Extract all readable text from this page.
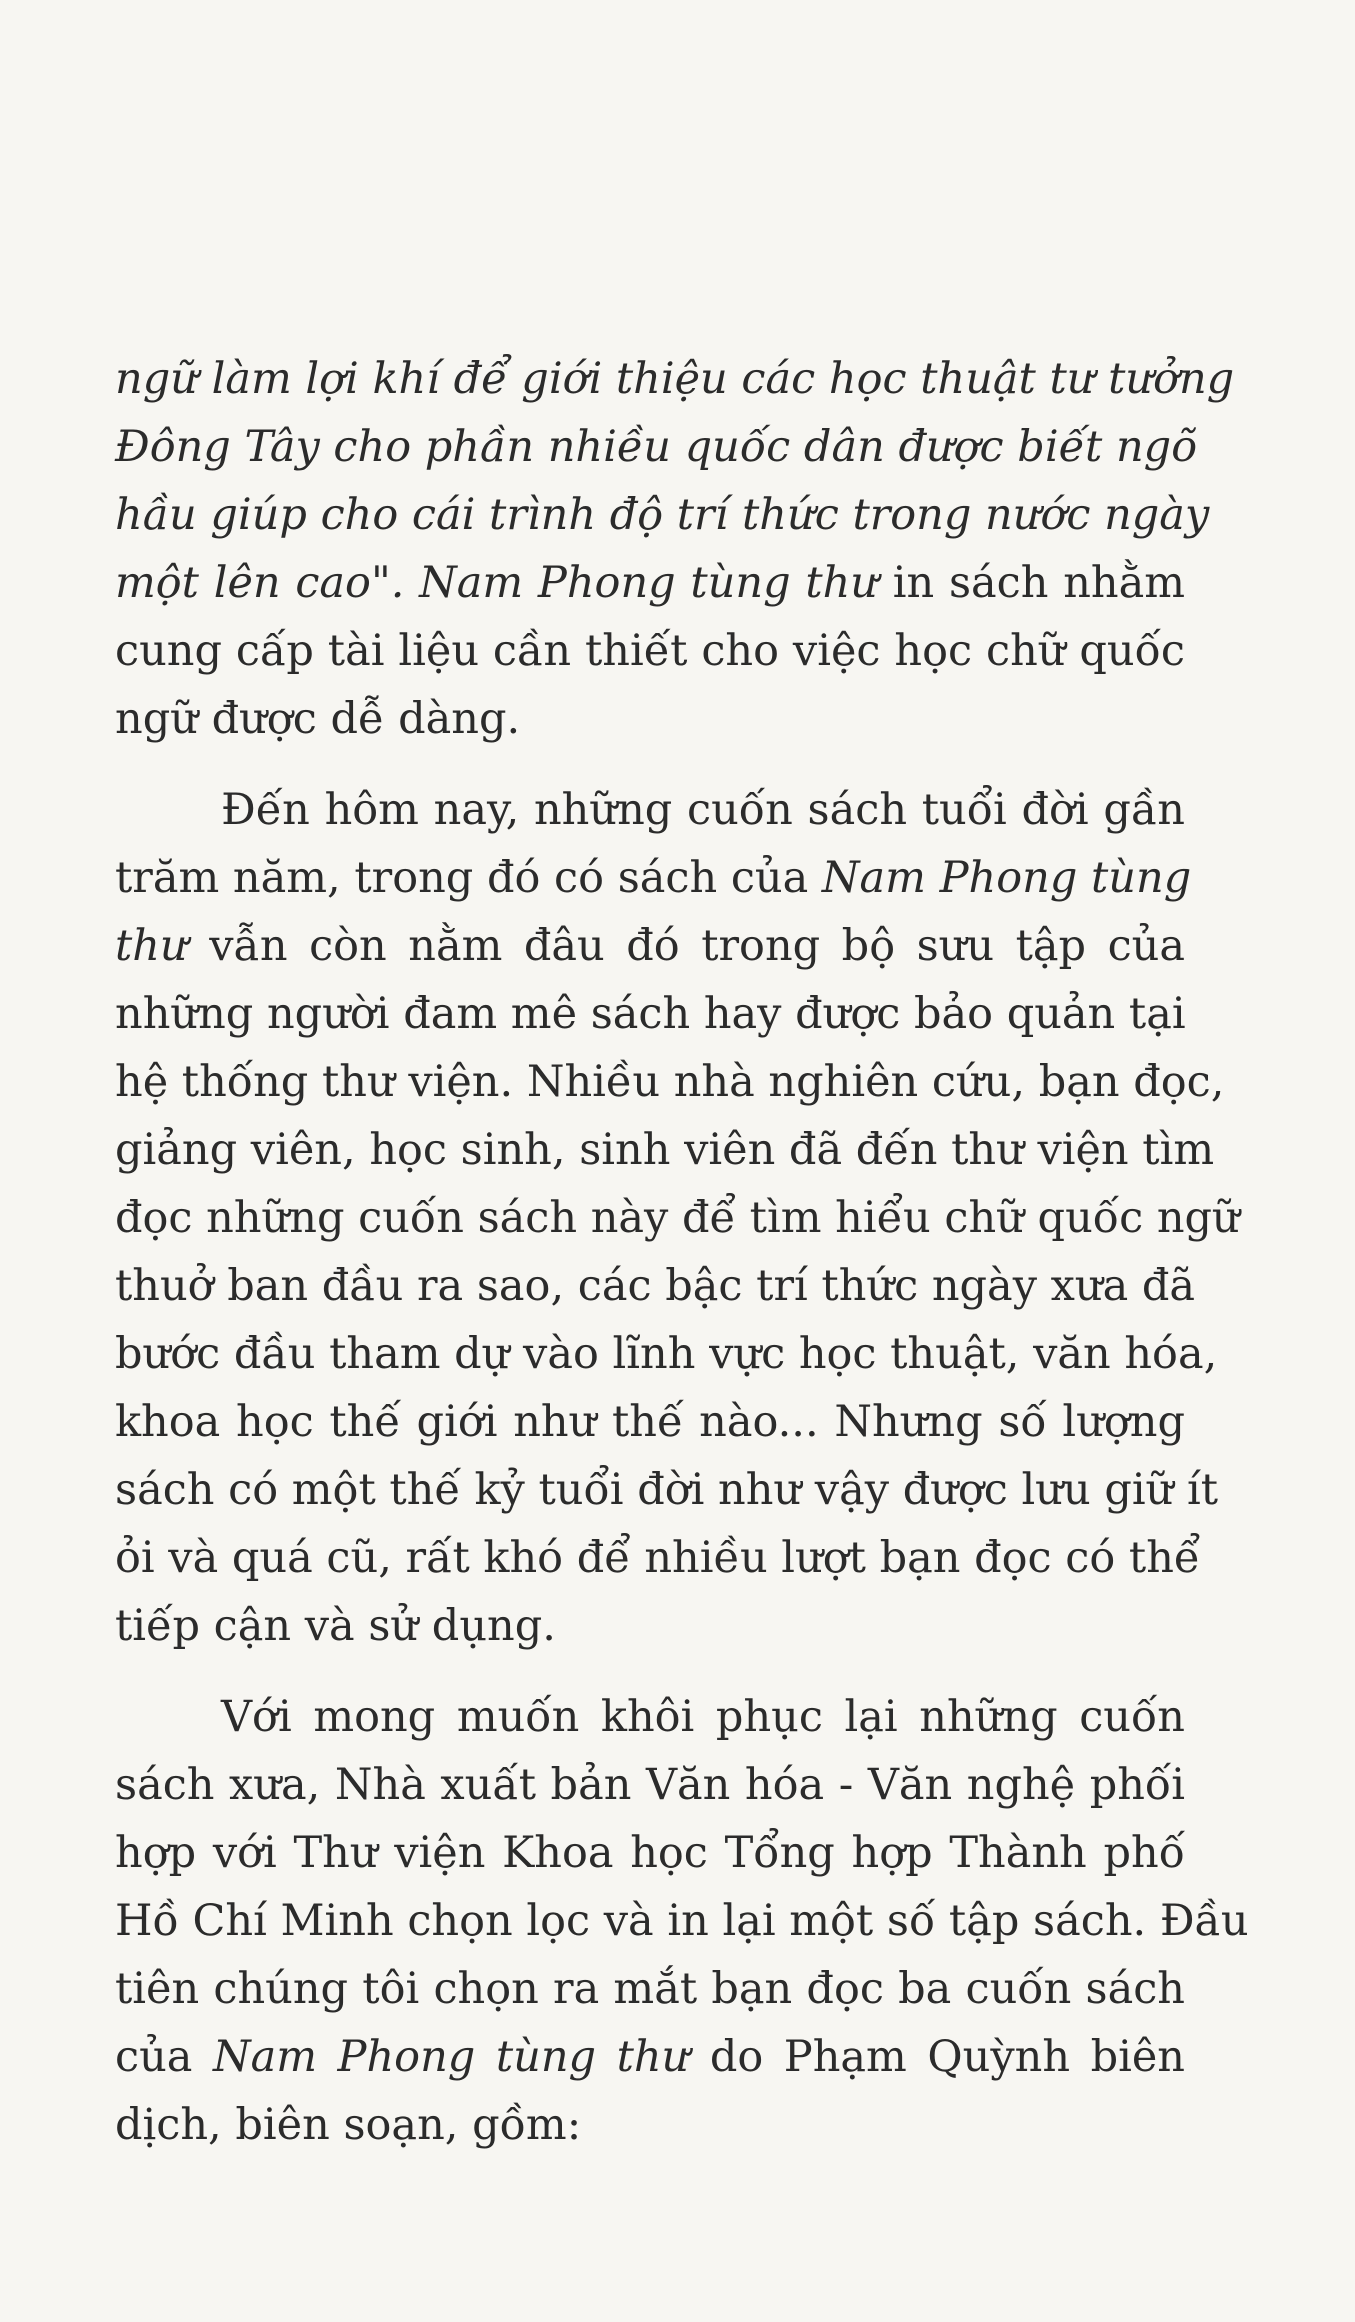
ngữ làm lợi khí để giới thiệu các học thuật tư tưởng
Đông Tây cho phần nhiều quốc dân được biết ngõ
hầu giúp cho cái trình độ trí thức trong nước ngày
một lên cao". Nam Phong tùng thư in sách nhằm
cung cấp tài liệu cần thiết cho việc học chữ quốc
ngữ được dễ dàng.

Đến hôm nay, những cuốn sách tuổi đời gần
trăm năm, trong đó có sách của Nam Phong tùng
thư vẫn còn nằm đâu đó trong bộ sưu tập của
những người đam mê sách hay được bảo quản tại
hệ thống thư viện. Nhiều nhà nghiên cứu, bạn đọc,
giảng viên, học sinh, sinh viên đã đến thư viện tìm
đọc những cuốn sách này để tìm hiểu chữ quốc ngữ
thuở ban đầu ra sao, các bậc trí thức ngày xưa đã
bước đầu tham dự vào lĩnh vực học thuật, văn hóa,
khoa học thế giới như thế nào... Nhưng số lượng
sách có một thế kỷ tuổi đời như vậy được lưu giữ ít
ỏi và quá cũ, rất khó để nhiều lượt bạn đọc có thể
tiếp cận và sử dụng.

Với mong muốn khôi phục lại những cuốn
sách xưa, Nhà xuất bản Văn hóa - Văn nghệ phối
hợp với Thư viện Khoa học Tổng hợp Thành phố
Hồ Chí Minh chọn lọc và in lại một số tập sách. Đầu
tiên chúng tôi chọn ra mắt bạn đọc ba cuốn sách
của Nam Phong tùng thư do Phạm Quỳnh biên
dịch, biên soạn, gồm:
